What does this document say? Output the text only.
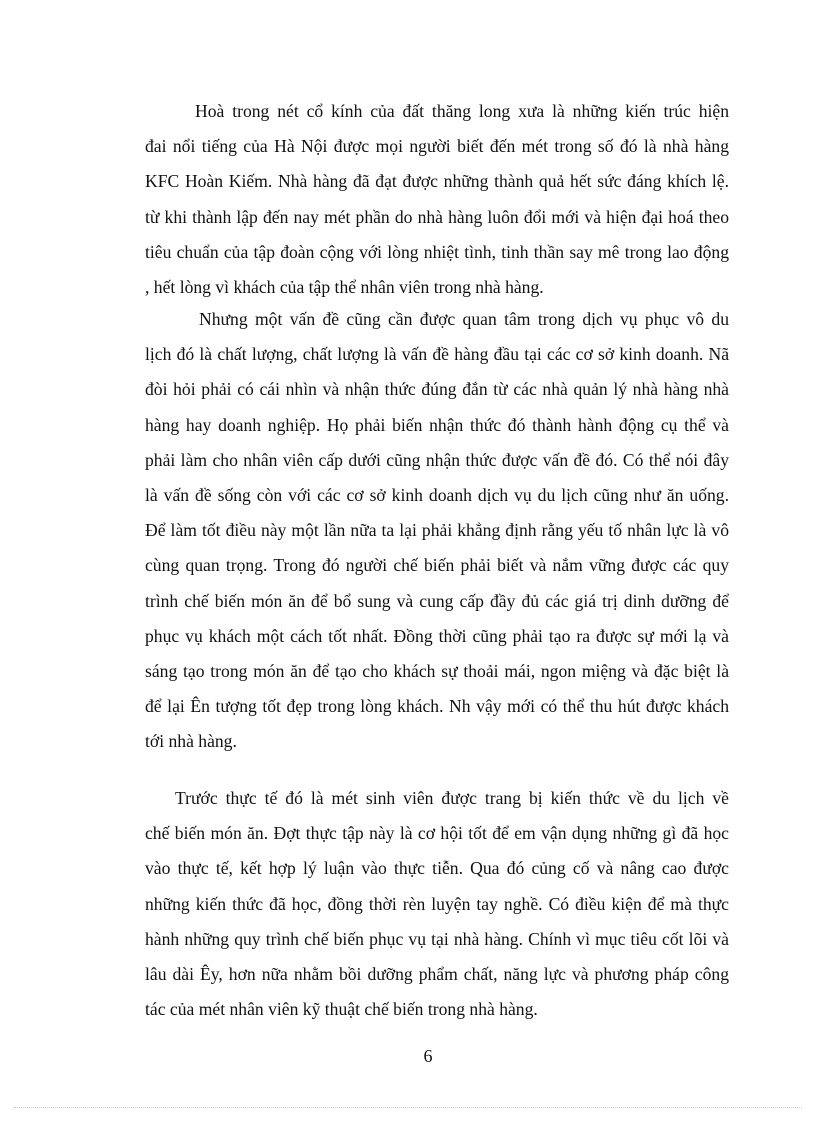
Hoà trong nét cổ kính của đất thăng long xưa là những kiến trúc hiện
đai nổi tiếng của Hà Nội được mọi người biết đến mét trong số đó là nhà hàng
KFC Hoàn Kiếm. Nhà hàng đã đạt được những thành quả hết sức đáng khích lệ.
từ khi thành lập đến nay mét phần do nhà hàng luôn đổi mới và hiện đại hoá theo
tiêu chuẩn của tập đoàn cộng với lòng nhiệt tình, tinh thần say mê trong lao động
, hết lòng vì khách của tập thể nhân viên trong nhà hàng.
Nhưng một vấn đề cũng cần được quan tâm trong dịch vụ phục vô du
lịch đó là chất lượng, chất lượng là vấn đề hàng đầu tại các cơ sở kinh doanh. Nã
đòi hỏi phải có cái nhìn và nhận thức đúng đắn từ các nhà quản lý nhà hàng nhà
hàng hay doanh nghiệp. Họ phải biến nhận thức đó thành hành động cụ thể và
phải làm cho nhân viên cấp dưới cũng nhận thức được vấn đề đó. Có thể nói đây
là vấn đề sống còn với các cơ sở kinh doanh dịch vụ du lịch cũng như ăn uống.
Để làm tốt điều này một lần nữa ta lại phải khẳng định rằng yếu tố nhân lực là vô
cùng quan trọng. Trong đó người chế biến phải biết và nắm vững được các quy
trình chế biến món ăn để bổ sung và cung cấp đầy đủ các giá trị dinh dưỡng để
phục vụ khách một cách tốt nhất. Đồng thời cũng phải tạo ra được sự mới lạ và
sáng tạo trong món ăn để tạo cho khách sự thoải mái, ngon miệng và đặc biệt là
để lại Ên tượng tốt đẹp trong lòng khách. Nh vậy mới có thể thu hút được khách
tới nhà hàng.
Trước thực tế đó là mét sinh viên được trang bị kiến thức về du lịch về
chế biến món ăn. Đợt thực tập này là cơ hội tốt để em vận dụng những gì đã học
vào thực tế, kết hợp lý luận vào thực tiễn. Qua đó củng cố và nâng cao được
những kiến thức đã học, đồng thời rèn luyện tay nghề. Có điều kiện để mà thực
hành những quy trình chế biến phục vụ tại nhà hàng. Chính vì mục tiêu cốt lõi và
lâu dài Êy, hơn nữa nhằm bồi dưỡng phẩm chất, năng lực và phương pháp công
tác của mét nhân viên kỹ thuật chế biến trong nhà hàng.
6
